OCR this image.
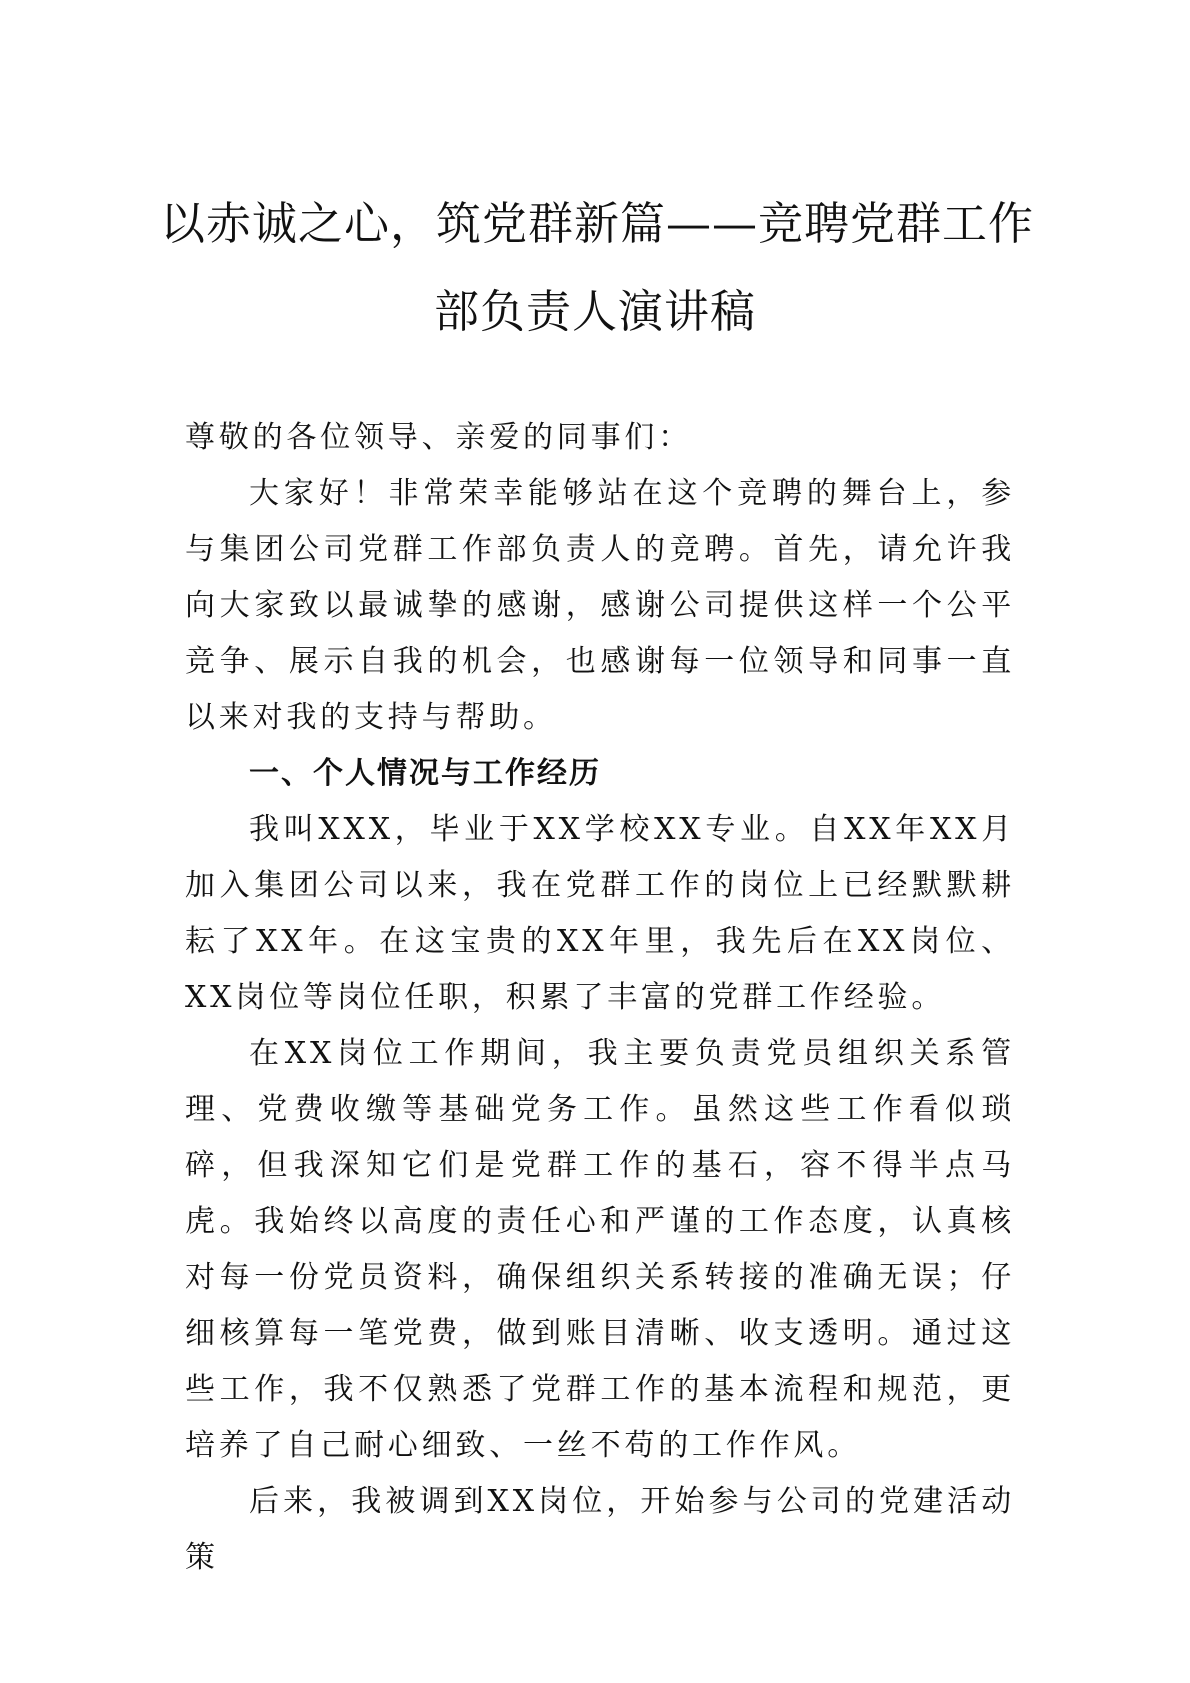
以赤诚之心，筑党群新篇——竞聘党群工作
部负责人演讲稿

尊敬的各位领导、亲爱的同事们：

大家好！非常荣幸能够站在这个竞聘的舞台上，参与集团公司党群工作部负责人的竞聘。首先，请允许我向大家致以最诚挚的感谢，感谢公司提供这样一个公平竞争、展示自我的机会，也感谢每一位领导和同事一直以来对我的支持与帮助。

一、个人情况与工作经历

我叫XXX，毕业于XX学校XX专业。自XX年XX月加入集团公司以来，我在党群工作的岗位上已经默默耕耘了XX年。在这宝贵的XX年里，我先后在XX岗位、XX岗位等岗位任职，积累了丰富的党群工作经验。

在XX岗位工作期间，我主要负责党员组织关系管理、党费收缴等基础党务工作。虽然这些工作看似琐碎，但我深知它们是党群工作的基石，容不得半点马虎。我始终以高度的责任心和严谨的工作态度，认真核对每一份党员资料，确保组织关系转接的准确无误；仔细核算每一笔党费，做到账目清晰、收支透明。通过这些工作，我不仅熟悉了党群工作的基本流程和规范，更培养了自己耐心细致、一丝不苟的工作作风。

后来，我被调到XX岗位，开始参与公司的党建活动策
